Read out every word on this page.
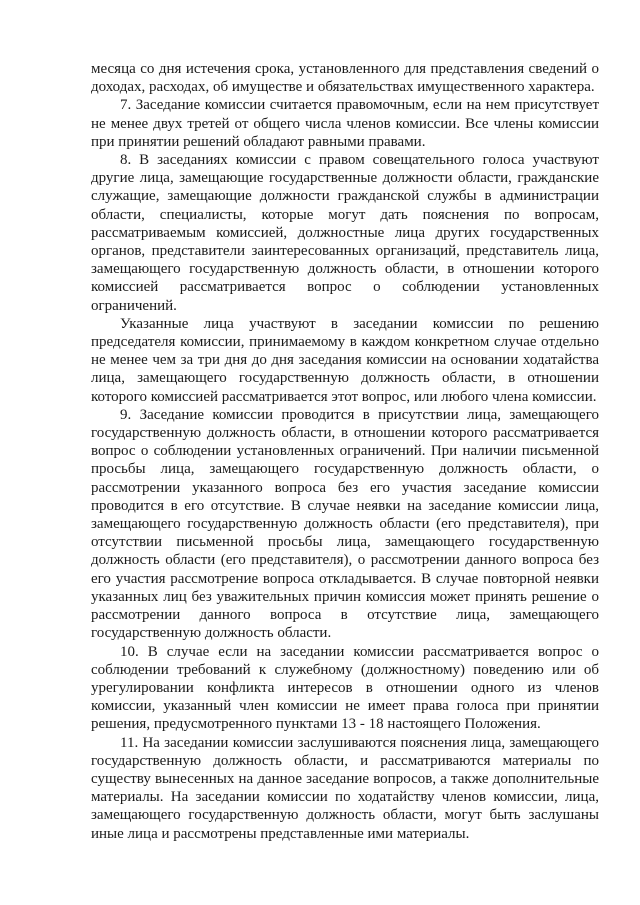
месяца со дня истечения срока, установленного для представления сведений о доходах, расходах, об имуществе и обязательствах имущественного характера.

7. Заседание комиссии считается правомочным, если на нем присутствует не менее двух третей от общего числа членов комиссии. Все члены комиссии при принятии решений обладают равными правами.

8. В заседаниях комиссии с правом совещательного голоса участвуют другие лица, замещающие государственные должности области, гражданские служащие, замещающие должности гражданской службы в администрации области, специалисты, которые могут дать пояснения по вопросам, рассматриваемым комиссией, должностные лица других государственных органов, представители заинтересованных организаций, представитель лица, замещающего государственную должность области, в отношении которого комиссией рассматривается вопрос о соблюдении установленных ограничений.

Указанные лица участвуют в заседании комиссии по решению председателя комиссии, принимаемому в каждом конкретном случае отдельно не менее чем за три дня до дня заседания комиссии на основании ходатайства лица, замещающего государственную должность области, в отношении которого комиссией рассматривается этот вопрос, или любого члена комиссии.

9. Заседание комиссии проводится в присутствии лица, замещающего государственную должность области, в отношении которого рассматривается вопрос о соблюдении установленных ограничений. При наличии письменной просьбы лица, замещающего государственную должность области, о рассмотрении указанного вопроса без его участия заседание комиссии проводится в его отсутствие. В случае неявки на заседание комиссии лица, замещающего государственную должность области (его представителя), при отсутствии письменной просьбы лица, замещающего государственную должность области (его представителя), о рассмотрении данного вопроса без его участия рассмотрение вопроса откладывается. В случае повторной неявки указанных лиц без уважительных причин комиссия может принять решение о рассмотрении данного вопроса в отсутствие лица, замещающего государственную должность области.

10. В случае если на заседании комиссии рассматривается вопрос о соблюдении требований к служебному (должностному) поведению или об урегулировании конфликта интересов в отношении одного из членов комиссии, указанный член комиссии не имеет права голоса при принятии решения, предусмотренного пунктами 13 - 18 настоящего Положения.

11. На заседании комиссии заслушиваются пояснения лица, замещающего государственную должность области, и рассматриваются материалы по существу вынесенных на данное заседание вопросов, а также дополнительные материалы. На заседании комиссии по ходатайству членов комиссии, лица, замещающего государственную должность области, могут быть заслушаны иные лица и рассмотрены представленные ими материалы.
